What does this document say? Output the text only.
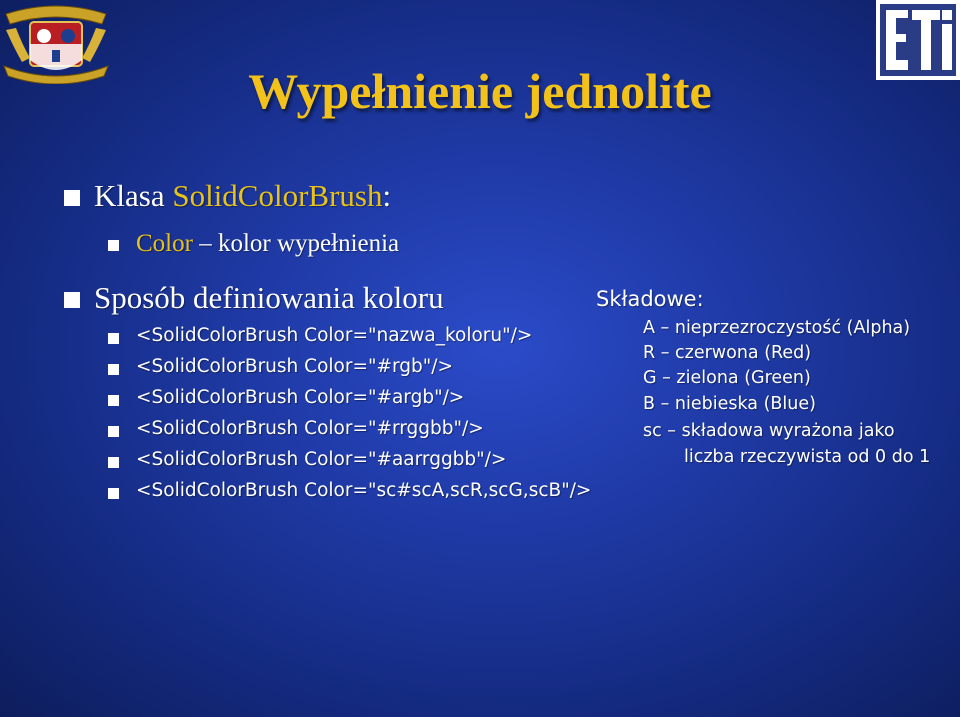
Wypełnienie jednolite
Klasa SolidColorBrush:
Color – kolor wypełnienia
Sposób definiowania koloru
<SolidColorBrush Color="nazwa_koloru"/>
<SolidColorBrush Color="#rgb"/>
<SolidColorBrush Color="#argb"/>
<SolidColorBrush Color="#rrggbb"/>
<SolidColorBrush Color="#aarrggbb"/>
<SolidColorBrush Color="sc#scA,scR,scG,scB"/>
Składowe:
A – nieprzezroczystość (Alpha)
R – czerwona (Red)
G – zielona (Green)
B – niebieska (Blue)
sc – składowa wyrażona jako
liczba rzeczywista od 0 do 1
